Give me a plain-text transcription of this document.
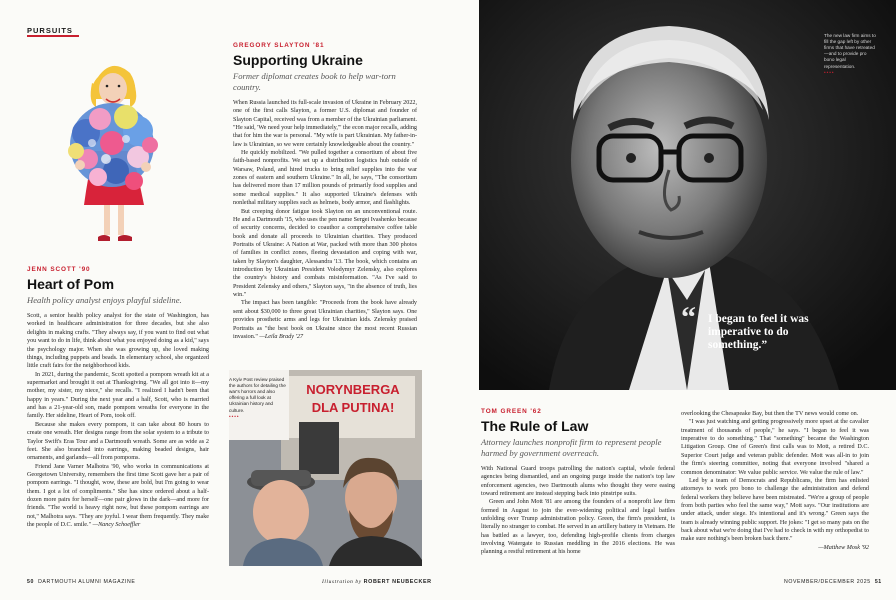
PURSUITS
JENN SCOTT '90
Heart of Pom
Health policy analyst enjoys playful sideline.

Scott, a senior health policy analyst for the state of Washington, has worked in healthcare administration for three decades, but she also delights in making crafts. "They always say, if you want to find out what you want to do in life, think about what you enjoyed doing as a kid," says the psychology major. When she was growing up, she loved making things, including puppets and beads. In elementary school, she organized little craft fairs for the neighborhood kids.

In 2021, during the pandemic, Scott spotted a pompom wreath kit at a supermarket and brought it out at Thanksgiving. "We all got into it—my mother, my sister, my niece," she recalls. "I realized I hadn't been that happy in years." During the next year and a half, Scott, who is married and has a 21-year-old son, made pompom wreaths for everyone in the family. Her sideline, Heart of Pom, took off.

Because she makes every pompom, it can take about 80 hours to create one wreath. Her designs range from the solar system to a tribute to Taylor Swift's Eras Tour and a Dartmouth wreath. Some are as wide as 2 feet. She also branched into earrings, making beaded designs, hair ornaments, and garlands—all from pompoms.

Friend Jane Varner Malhotra '90, who works in communications at Georgetown University, remembers the first time Scott gave her a pair of pompom earrings. "I thought, wow, these are bold, but I'm going to wear them. I got a lot of compliments." She has since ordered about a half-dozen more pairs for herself—one pair glows in the dark—and more for friends. "The world is heavy right now, but these pompom earrings are not," Malhotra says. "They are joyful. I wear them frequently. They make the people of D.C. smile." —Nancy Schoeffler

GREGORY SLAYTON '81
Supporting Ukraine
Former diplomat creates book to help war-torn country.

When Russia launched its full-scale invasion of Ukraine in February 2022, one of the first calls Slayton, a former U.S. diplomat and founder of Slayton Capital, received was from a member of the Ukrainian parliament. "He said, 'We need your help immediately,'" the econ major recalls, adding that for him the war is personal. "My wife is part Ukrainian. My father-in-law is Ukrainian, so we were certainly knowledgeable about the country."

He quickly mobilized. "We pulled together a consortium of about five faith-based nonprofits. We set up a distribution logistics hub outside of Warsaw, Poland, and hired trucks to bring relief supplies into the war zones of eastern and southern Ukraine." In all, he says, "The consortium has delivered more than 17 million pounds of primarily food supplies and some medical supplies." It also supported Ukraine's defenses with nonlethal military supplies such as helmets, body armor, and flashlights.

But creeping donor fatigue took Slayton on an unconventional route. He and a Dartmouth '15, who uses the pen name Sergei Ivashenko because of security concerns, decided to coauthor a comprehensive coffee table book and donate all proceeds to Ukrainian charities. They produced Portraits of Ukraine: A Nation at War, packed with more than 300 photos of families in conflict zones, fleeing devastation and coping with war, taken by Slayton's daughter, Alessandra '13. The book, which contains an introduction by Ukrainian President Volodymyr Zelensky, also explores the country's history and combats misinformation. "As I've said to President Zelensky and others," Slayton says, "in the absence of truth, lies win."

The impact has been tangible: "Proceeds from the book have already sent about $30,000 to three great Ukrainian charities," Slayton says. One provides prosthetic arms and legs for Ukrainian kids. Zelensky praised Portraits as "the best book on Ukraine since the most recent Russian invasion." —Leila Brady '27

NORYNBERGA
DLA PUTINA!
A Kyiv Post review praised the authors for detailing the war's horrors and also offering a full look at Ukrainian history and culture.
••••
50 DARTMOUTH ALUMNI MAGAZINE	Illustration by ROBERT NEUBECKER
The new law firm aims to fill the gap left by other firms that have retreated—and to provide pro bono legal representation.
••••
“ I began to feel it was imperative to do something.”
TOM GREEN '62
The Rule of Law
Attorney launches nonprofit firm to represent people harmed by government overreach.

With National Guard troops patrolling the nation's capital, whole federal agencies being dismantled, and an ongoing purge inside the nation's top law enforcement agencies, two Dartmouth alums who thought they were easing toward retirement are instead stepping back into pinstripe suits.

Green and John Mott '81 are among the founders of a nonprofit law firm formed in August to join the ever-widening political and legal battles unfolding over Trump administration policy. Green, the firm's president, is literally no stranger to combat. He served in an artillery battery in Vietnam. He has battled as a lawyer, too, defending high-profile clients from charges involving Watergate to Russian meddling in the 2016 elections. He was planning a restful retirement at his home

overlooking the Chesapeake Bay, but then the TV news would come on.

"I was just watching and getting progressively more upset at the cavalier treatment of thousands of people," he says. "I began to feel it was imperative to do something." That "something" became the Washington Litigation Group. One of Green's first calls was to Mott, a retired D.C. Superior Court judge and veteran public defender. Mott was all-in to join the firm's steering committee, noting that everyone involved "shared a common denominator: We value public service. We value the rule of law."

Led by a team of Democrats and Republicans, the firm has enlisted attorneys to work pro bono to challenge the administration and defend federal workers they believe have been mistreated. "We're a group of people from both parties who feel the same way," Mott says. "Our institutions are under attack, under siege. It's intentional and it's wrong." Green says the team is already winning public support. He jokes: "I get so many pats on the back about what we're doing that I've had to check in with my orthopedist to make sure nothing's been broken back there."

—Matthew Mosk '92

NOVEMBER/DECEMBER 2025 51
